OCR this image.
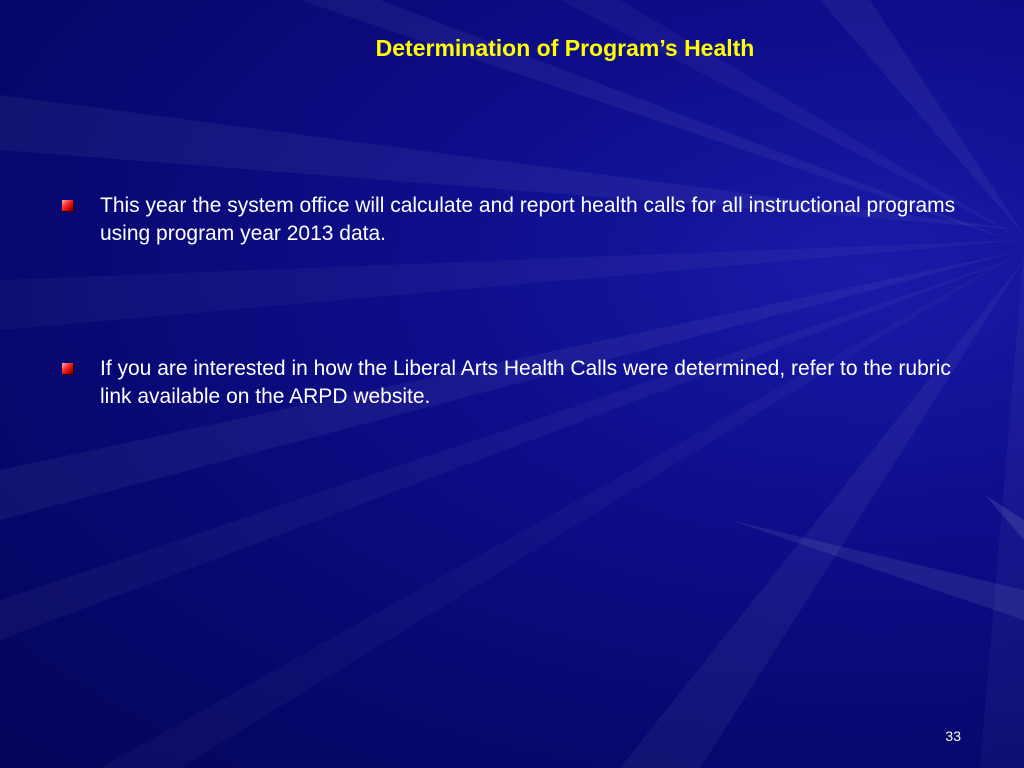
Determination of Program’s Health
This year the system office will calculate and report health calls for all instructional programs using program year 2013 data.
If you are interested in how the Liberal Arts Health Calls were determined, refer to the rubric link available on the ARPD website.
33
